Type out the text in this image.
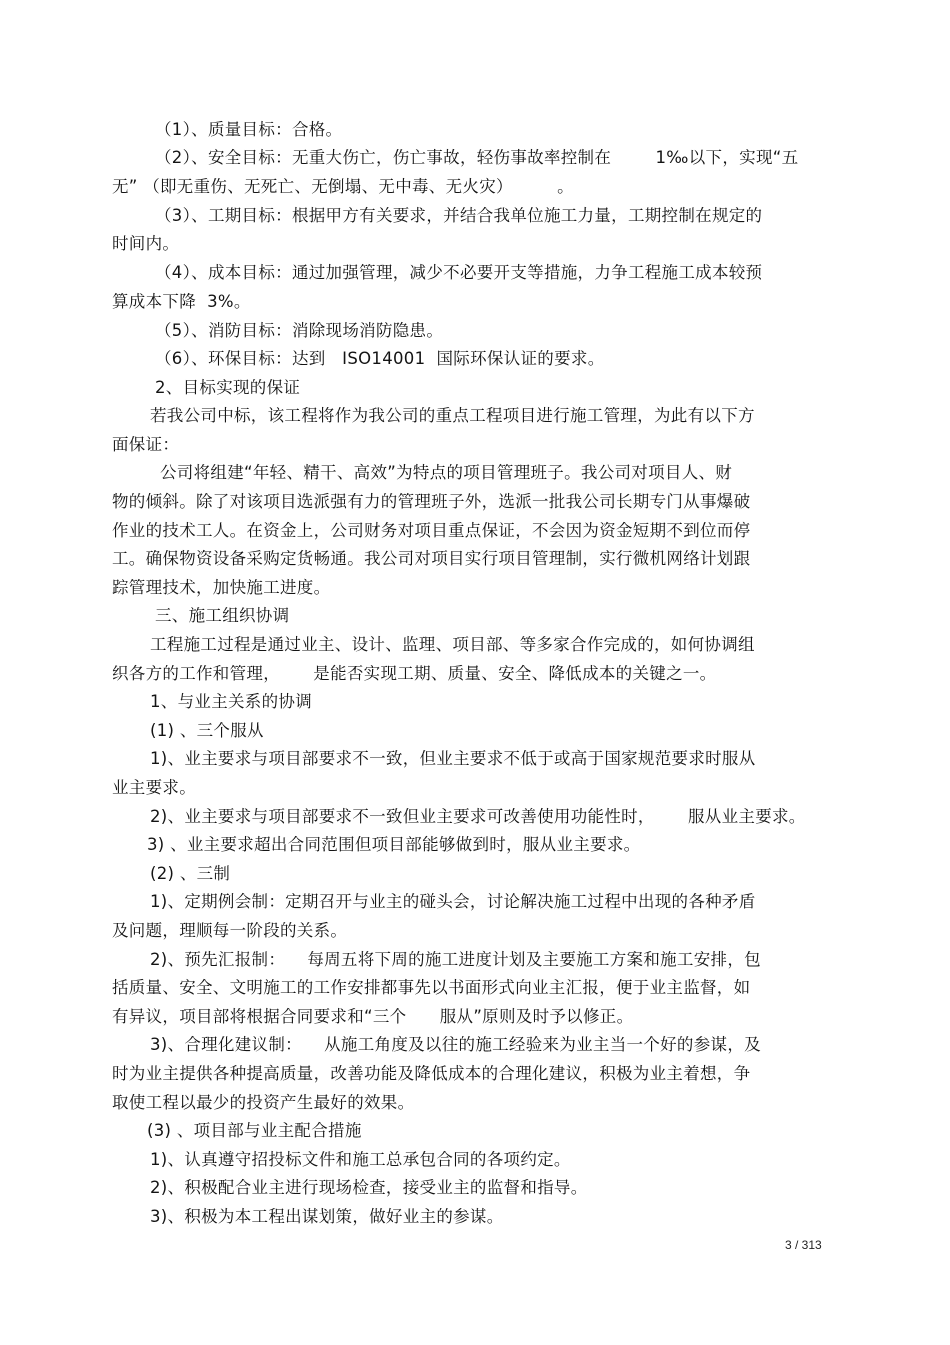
（1）、质量目标：合格。
（2）、安全目标：无重大伤亡，伤亡事故，轻伤事故率控制在        1‰以下，实现“五
无” （即无重伤、无死亡、无倒塌、无中毒、无火灾）        。
（3）、工期目标：根据甲方有关要求，并结合我单位施工力量，工期控制在规定的
时间内。
（4）、成本目标：通过加强管理，减少不必要开支等措施，力争工程施工成本较预
算成本下降  3%。
（5）、消防目标：消除现场消防隐患。
（6）、环保目标：达到   ISO14001  国际环保认证的要求。
2、目标实现的保证
若我公司中标，该工程将作为我公司的重点工程项目进行施工管理，为此有以下方
面保证：
公司将组建“年轻、精干、高效”为特点的项目管理班子。我公司对项目人、财
物的倾斜。除了对该项目选派强有力的管理班子外，选派一批我公司长期专门从事爆破
作业的技术工人。在资金上，公司财务对项目重点保证，不会因为资金短期不到位而停
工。确保物资设备采购定货畅通。我公司对项目实行项目管理制，实行微机网络计划跟
踪管理技术，加快施工进度。
三、施工组织协调
工程施工过程是通过业主、设计、监理、项目部、等多家合作完成的，如何协调组
织各方的工作和管理，      是能否实现工期、质量、安全、降低成本的关键之一。
1、与业主关系的协调
(1) 、三个服从
1)、业主要求与项目部要求不一致，但业主要求不低于或高于国家规范要求时服从
业主要求。
2)、业主要求与项目部要求不一致但业主要求可改善使用功能性时，      服从业主要求。
3) 、业主要求超出合同范围但项目部能够做到时，服从业主要求。
(2) 、三制
1)、定期例会制：定期召开与业主的碰头会，讨论解决施工过程中出现的各种矛盾
及问题，理顺每一阶段的关系。
2)、预先汇报制：    每周五将下周的施工进度计划及主要施工方案和施工安排，包
括质量、安全、文明施工的工作安排都事先以书面形式向业主汇报，便于业主监督，如
有异议，项目部将根据合同要求和“三个      服从”原则及时予以修正。
3)、合理化建议制：    从施工角度及以往的施工经验来为业主当一个好的参谋，及
时为业主提供各种提高质量，改善功能及降低成本的合理化建议，积极为业主着想，争
取使工程以最少的投资产生最好的效果。
(3) 、项目部与业主配合措施
1)、认真遵守招投标文件和施工总承包合同的各项约定。
2)、积极配合业主进行现场检查，接受业主的监督和指导。
3)、积极为本工程出谋划策，做好业主的参谋。
3 / 313
